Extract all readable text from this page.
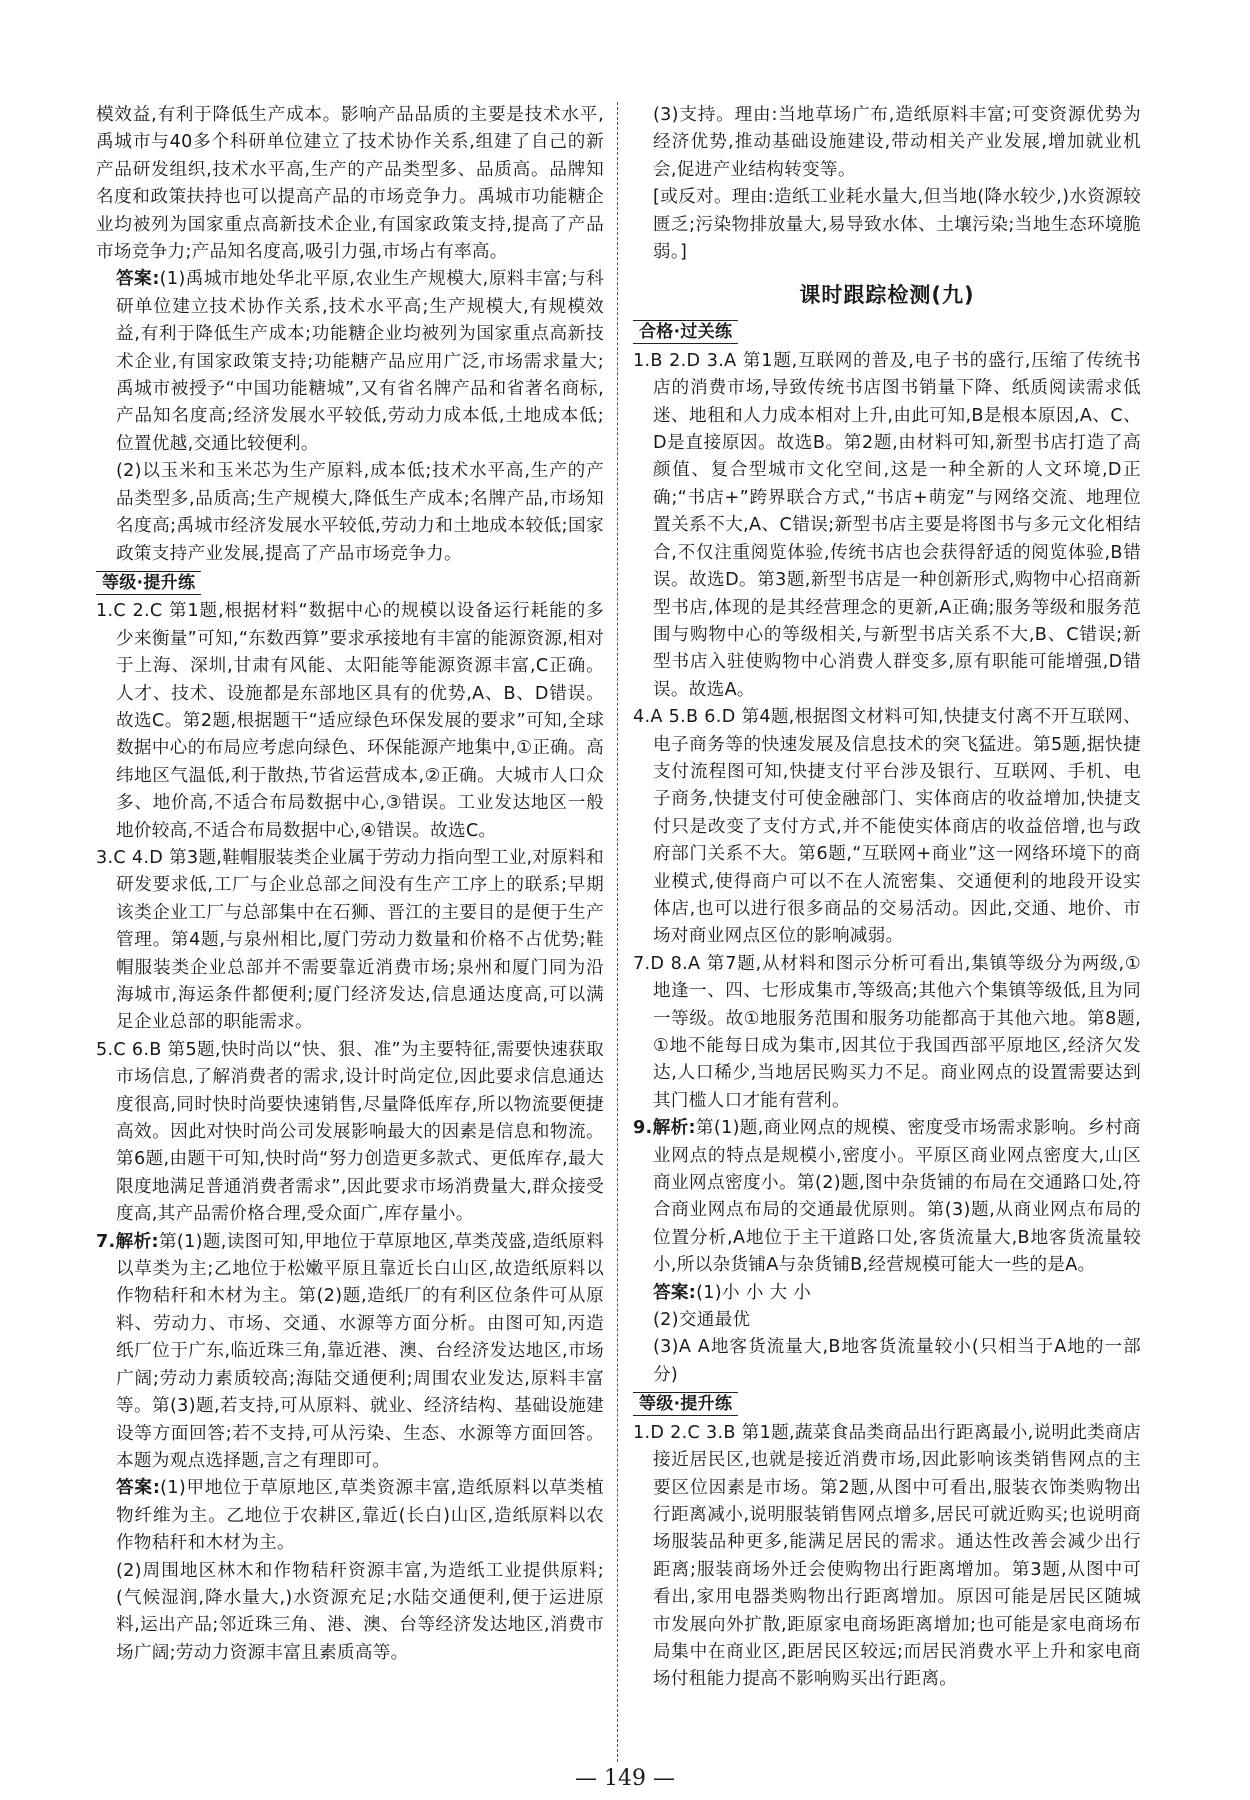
模效益,有利于降低生产成本。影响产品品质的主要是技术水平,禹城市与40多个科研单位建立了技术协作关系,组建了自己的新产品研发组织,技术水平高,生产的产品类型多、品质高。品牌知名度和政策扶持也可以提高产品的市场竞争力。禹城市功能糖企业均被列为国家重点高新技术企业,有国家政策支持,提高了产品市场竞争力;产品知名度高,吸引力强,市场占有率高。

答案:(1)禹城市地处华北平原,农业生产规模大,原料丰富;与科研单位建立技术协作关系,技术水平高;生产规模大,有规模效益,有利于降低生产成本;功能糖企业均被列为国家重点高新技术企业,有国家政策支持;功能糖产品应用广泛,市场需求量大;禹城市被授予“中国功能糖城”,又有省名牌产品和省著名商标,产品知名度高;经济发展水平较低,劳动力成本低,土地成本低;位置优越,交通比较便利。

(2)以玉米和玉米芯为生产原料,成本低;技术水平高,生产的产品类型多,品质高;生产规模大,降低生产成本;名牌产品,市场知名度高;禹城市经济发展水平较低,劳动力和土地成本较低;国家政策支持产业发展,提高了产品市场竞争力。

等级·提升练

1.C 2.C 第1题,根据材料“数据中心的规模以设备运行耗能的多少来衡量”可知,“东数西算”要求承接地有丰富的能源资源,相对于上海、深圳,甘肃有风能、太阳能等能源资源丰富,C正确。人才、技术、设施都是东部地区具有的优势,A、B、D错误。故选C。第2题,根据题干“适应绿色环保发展的要求”可知,全球数据中心的布局应考虑向绿色、环保能源产地集中,①正确。高纬地区气温低,利于散热,节省运营成本,②正确。大城市人口众多、地价高,不适合布局数据中心,③错误。工业发达地区一般地价较高,不适合布局数据中心,④错误。故选C。

3.C 4.D 第3题,鞋帽服装类企业属于劳动力指向型工业,对原料和研发要求低,工厂与企业总部之间没有生产工序上的联系;早期该类企业工厂与总部集中在石狮、晋江的主要目的是便于生产管理。第4题,与泉州相比,厦门劳动力数量和价格不占优势;鞋帽服装类企业总部并不需要靠近消费市场;泉州和厦门同为沿海城市,海运条件都便利;厦门经济发达,信息通达度高,可以满足企业总部的职能需求。

5.C 6.B 第5题,快时尚以“快、狠、准”为主要特征,需要快速获取市场信息,了解消费者的需求,设计时尚定位,因此要求信息通达度很高,同时快时尚要快速销售,尽量降低库存,所以物流要便捷高效。因此对快时尚公司发展影响最大的因素是信息和物流。第6题,由题干可知,快时尚“努力创造更多款式、更低库存,最大限度地满足普通消费者需求”,因此要求市场消费量大,群众接受度高,其产品需价格合理,受众面广,库存量小。

7.解析:第(1)题,读图可知,甲地位于草原地区,草类茂盛,造纸原料以草类为主;乙地位于松嫩平原且靠近长白山区,故造纸原料以作物秸秆和木材为主。第(2)题,造纸厂的有利区位条件可从原料、劳动力、市场、交通、水源等方面分析。由图可知,丙造纸厂位于广东,临近珠三角,靠近港、澳、台经济发达地区,市场广阔;劳动力素质较高;海陆交通便利;周围农业发达,原料丰富等。第(3)题,若支持,可从原料、就业、经济结构、基础设施建设等方面回答;若不支持,可从污染、生态、水源等方面回答。本题为观点选择题,言之有理即可。

答案:(1)甲地位于草原地区,草类资源丰富,造纸原料以草类植物纤维为主。乙地位于农耕区,靠近(长白)山区,造纸原料以农作物秸秆和木材为主。

(2)周围地区林木和作物秸秆资源丰富,为造纸工业提供原料;(气候湿润,降水量大,)水资源充足;水陆交通便利,便于运进原料,运出产品;邻近珠三角、港、澳、台等经济发达地区,消费市场广阔;劳动力资源丰富且素质高等。

(3)支持。理由:当地草场广布,造纸原料丰富;可变资源优势为经济优势,推动基础设施建设,带动相关产业发展,增加就业机会,促进产业结构转变等。

[或反对。理由:造纸工业耗水量大,但当地(降水较少,)水资源较匮乏;污染物排放量大,易导致水体、土壤污染;当地生态环境脆弱。]

课时跟踪检测(九)
合格·过关练

1.B 2.D 3.A 第1题,互联网的普及,电子书的盛行,压缩了传统书店的消费市场,导致传统书店图书销量下降、纸质阅读需求低迷、地租和人力成本相对上升,由此可知,B是根本原因,A、C、D是直接原因。故选B。第2题,由材料可知,新型书店打造了高颜值、复合型城市文化空间,这是一种全新的人文环境,D正确;“书店+”跨界联合方式,“书店+萌宠”与网络交流、地理位置关系不大,A、C错误;新型书店主要是将图书与多元文化相结合,不仅注重阅览体验,传统书店也会获得舒适的阅览体验,B错误。故选D。第3题,新型书店是一种创新形式,购物中心招商新型书店,体现的是其经营理念的更新,A正确;服务等级和服务范围与购物中心的等级相关,与新型书店关系不大,B、C错误;新型书店入驻使购物中心消费人群变多,原有职能可能增强,D错误。故选A。

4.A 5.B 6.D 第4题,根据图文材料可知,快捷支付离不开互联网、电子商务等的快速发展及信息技术的突飞猛进。第5题,据快捷支付流程图可知,快捷支付平台涉及银行、互联网、手机、电子商务,快捷支付可使金融部门、实体商店的收益增加,快捷支付只是改变了支付方式,并不能使实体商店的收益倍增,也与政府部门关系不大。第6题,“互联网+商业”这一网络环境下的商业模式,使得商户可以不在人流密集、交通便利的地段开设实体店,也可以进行很多商品的交易活动。因此,交通、地价、市场对商业网点区位的影响减弱。

7.D 8.A 第7题,从材料和图示分析可看出,集镇等级分为两级,①地逢一、四、七形成集市,等级高;其他六个集镇等级低,且为同一等级。故①地服务范围和服务功能都高于其他六地。第8题,①地不能每日成为集市,因其位于我国西部平原地区,经济欠发达,人口稀少,当地居民购买力不足。商业网点的设置需要达到其门槛人口才能有营利。

9.解析:第(1)题,商业网点的规模、密度受市场需求影响。乡村商业网点的特点是规模小,密度小。平原区商业网点密度大,山区商业网点密度小。第(2)题,图中杂货铺的布局在交通路口处,符合商业网点布局的交通最优原则。第(3)题,从商业网点布局的位置分析,A地位于主干道路口处,客货流量大,B地客货流量较小,所以杂货铺A与杂货铺B,经营规模可能大一些的是A。

答案:(1)小 小 大 小

(2)交通最优

(3)A A地客货流量大,B地客货流量较小(只相当于A地的一部分)

等级·提升练

1.D 2.C 3.B 第1题,蔬菜食品类商品出行距离最小,说明此类商店接近居民区,也就是接近消费市场,因此影响该类销售网点的主要区位因素是市场。第2题,从图中可看出,服装衣饰类购物出行距离减小,说明服装销售网点增多,居民可就近购买;也说明商场服装品种更多,能满足居民的需求。通达性改善会减少出行距离;服装商场外迁会使购物出行距离增加。第3题,从图中可看出,家用电器类购物出行距离增加。原因可能是居民区随城市发展向外扩散,距原家电商场距离增加;也可能是家电商场布局集中在商业区,距居民区较远;而居民消费水平上升和家电商场付租能力提高不影响购买出行距离。

— 149 —
